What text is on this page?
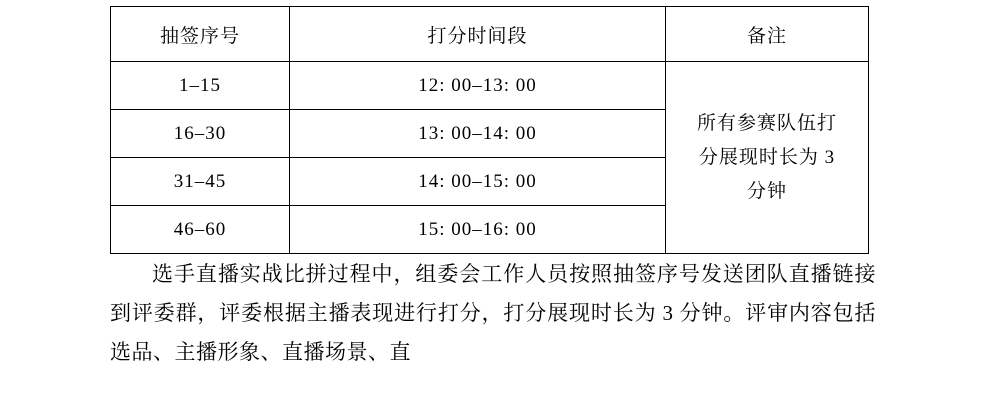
抽签序号	打分时间段	备注
1–15	12: 00–13: 00	所有参赛队伍打
分展现时长为 3
分钟

16–30	13: 00–14: 00	
31–45	14: 00–15: 00	
46–60	15: 00–16: 00	

选手直播实战比拼过程中，组委会工作人员按照抽签序号发送团队直播链接到评委群，评委根据主播表现进行打分，打分展现时长为 3 分钟。评审内容包括选品、主播形象、直播场景、直
